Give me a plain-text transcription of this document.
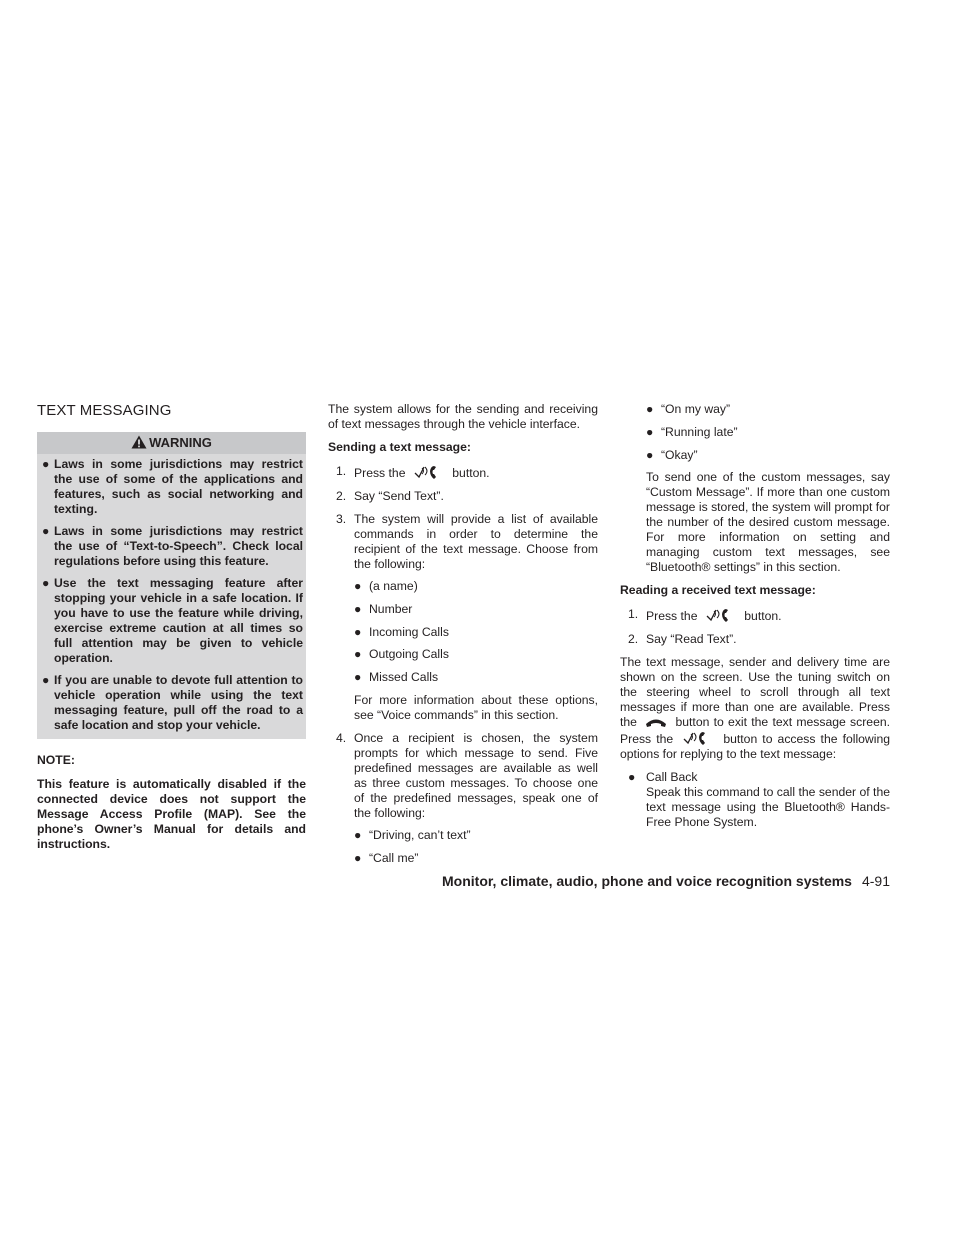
TEXT MESSAGING
WARNING
● Laws in some jurisdictions may restrict the use of some of the applications and features, such as social networking and texting.
● Laws in some jurisdictions may restrict the use of “Text-to-Speech”. Check local regulations before using this feature.
● Use the text messaging feature after stopping your vehicle in a safe location. If you have to use the feature while driving, exercise extreme caution at all times so full attention may be given to vehicle operation.
● If you are unable to devote full attention to vehicle operation while using the text messaging feature, pull off the road to a safe location and stop your vehicle.
NOTE:
This feature is automatically disabled if the connected device does not support the Message Access Profile (MAP). See the phone’s Owner’s Manual for details and instructions.

The system allows for the sending and receiving of text messages through the vehicle interface.

Sending a text message:
1. Press the	button.
2. Say “Send Text”.
3. The system will provide a list of available commands in order to determine the recipient of the text message. Choose from the following:
● (a name)
● Number
● Incoming Calls
● Outgoing Calls
● Missed Calls
For more information about these options, see “Voice commands” in this section.
4. Once a recipient is chosen, the system prompts for which message to send. Five predefined messages are available as well as three custom messages. To choose one of the predefined messages, speak one of the following:
● “Driving, can’t text”
● “Call me”
● “On my way”
● “Running late”
● “Okay”

To send one of the custom messages, say “Custom Message”. If more than one custom message is stored, the system will prompt for the number of the desired custom message. For more information on setting and managing custom text messages, see “Bluetooth® settings” in this section.

Reading a received text message:
1. Press the	button.
2. Say “Read Text”.

The text message, sender and delivery time are shown on the screen. Use the tuning switch on the steering wheel to scroll through all text messages if more than one are available. Press the	button to exit the text message screen. Press the	button to access the following options for replying to the text message:

● Call Back
Speak this command to call the sender of the text message using the Bluetooth® Hands-Free Phone System.
Monitor, climate, audio, phone and voice recognition systems 4-91
